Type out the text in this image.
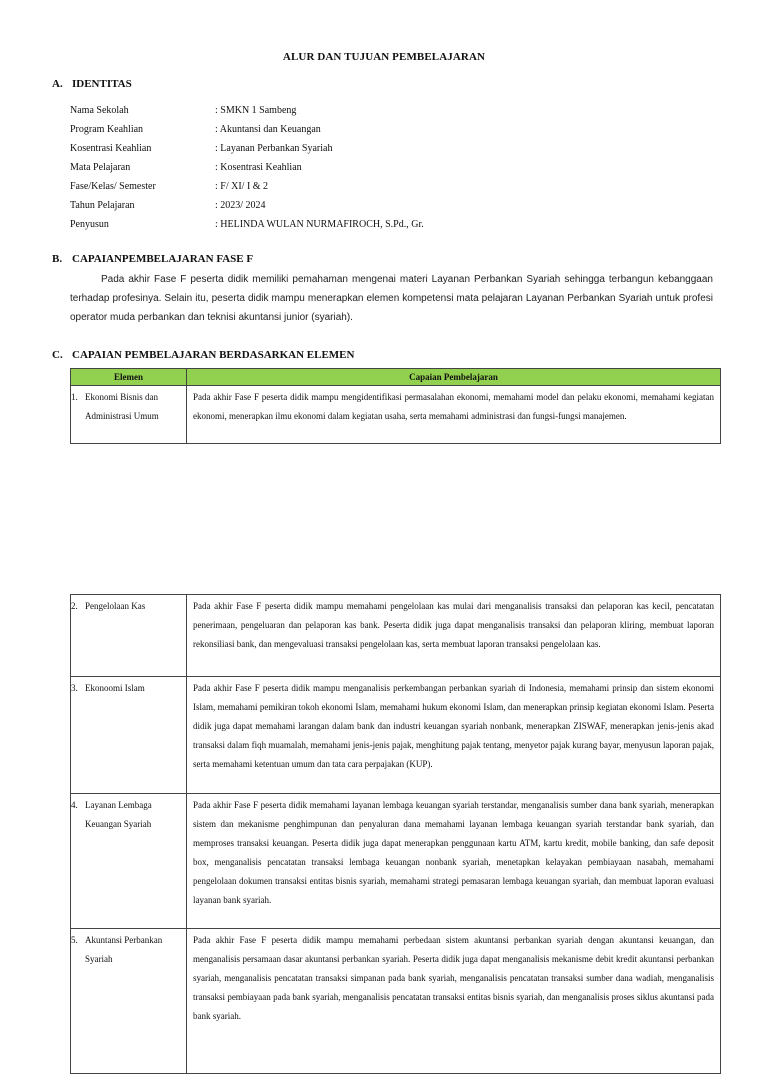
ALUR DAN TUJUAN PEMBELAJARAN
A. IDENTITAS
Nama Sekolah	: SMKN 1 Sambeng
Program Keahlian	: Akuntansi dan Keuangan
Kosentrasi Keahlian	: Layanan Perbankan Syariah
Mata Pelajaran	: Kosentrasi Keahlian
Fase/Kelas/ Semester	: F/ XI/ I & 2
Tahun Pelajaran	: 2023/ 2024
Penyusun	: HELINDA WULAN NURMAFIROCH, S.Pd., Gr.
B. CAPAIANPEMBELAJARAN FASE F
Pada akhir Fase F peserta didik memiliki pemahaman mengenai materi Layanan Perbankan Syariah sehingga terbangun kebanggaan terhadap profesinya. Selain itu, peserta didik mampu menerapkan elemen kompetensi mata pelajaran Layanan Perbankan Syariah untuk profesi operator muda perbankan dan teknisi akuntansi junior (syariah).
C. CAPAIAN PEMBELAJARAN BERDASARKAN ELEMEN
Elemen	Capaian Pembelajaran

1. Ekonomi Bisnis dan Administrasi Umum	Pada akhir Fase F peserta didik mampu mengidentifikasi permasalahan ekonomi, memahami model dan pelaku ekonomi, memahami kegiatan ekonomi, menerapkan ilmu ekonomi dalam kegiatan usaha, serta memahami administrasi dan fungsi-fungsi manajemen.
2. Pengelolaan Kas	Pada akhir Fase F peserta didik mampu memahami pengelolaan kas mulai dari menganalisis transaksi dan pelaporan kas kecil, pencatatan penerimaan, pengeluaran dan pelaporan kas bank. Peserta didik juga dapat menganalisis transaksi dan pelaporan kliring, membuat laporan rekonsiliasi bank, dan mengevaluasi transaksi pengelolaan kas, serta membuat laporan transaksi pengelolaan kas.

3. Ekonoomi Islam	Pada akhir Fase F peserta didik mampu menganalisis perkembangan perbankan syariah di Indonesia, memahami prinsip dan sistem ekonomi Islam, memahami pemikiran tokoh ekonomi Islam, memahami hukum ekonomi Islam, dan menerapkan prinsip kegiatan ekonomi Islam. Peserta didik juga dapat memahami larangan dalam bank dan industri keuangan syariah nonbank, menerapkan ZISWAF, menerapkan jenis-jenis akad transaksi dalam fiqh muamalah, memahami jenis-jenis pajak, menghitung pajak tentang, menyetor pajak kurang bayar, menyusun laporan pajak, serta memahami ketentuan umum dan tata cara perpajakan (KUP).

4. Layanan Lembaga Keuangan Syariah	Pada akhir Fase F peserta didik memahami layanan lembaga keuangan syariah terstandar, menganalisis sumber dana bank syariah, menerapkan sistem dan mekanisme penghimpunan dan penyaluran dana memahami layanan lembaga keuangan syariah terstandar bank syariah, dan memproses transaksi keuangan. Peserta didik juga dapat menerapkan penggunaan kartu ATM, kartu kredit, mobile banking, dan safe deposit box, menganalisis pencatatan transaksi lembaga keuangan nonbank syariah, menetapkan kelayakan pembiayaan nasabah, memahami pengelolaan dokumen transaksi entitas bisnis syariah, memahami strategi pemasaran lembaga keuangan syariah, dan membuat laporan evaluasi layanan bank syariah.

5. Akuntansi Perbankan Syariah	Pada akhir Fase F peserta didik mampu memahami perbedaan sistem akuntansi perbankan syariah dengan akuntansi keuangan, dan menganalisis persamaan dasar akuntansi perbankan syariah. Peserta didik juga dapat menganalisis mekanisme debit kredit akuntansi perbankan syariah, menganalisis pencatatan transaksi simpanan pada bank syariah, menganalisis pencatatan transaksi sumber dana wadiah, menganalisis transaksi pembiayaan pada bank syariah, menganalisis pencatatan transaksi entitas bisnis syariah, dan menganalisis proses siklus akuntansi pada bank syariah.
